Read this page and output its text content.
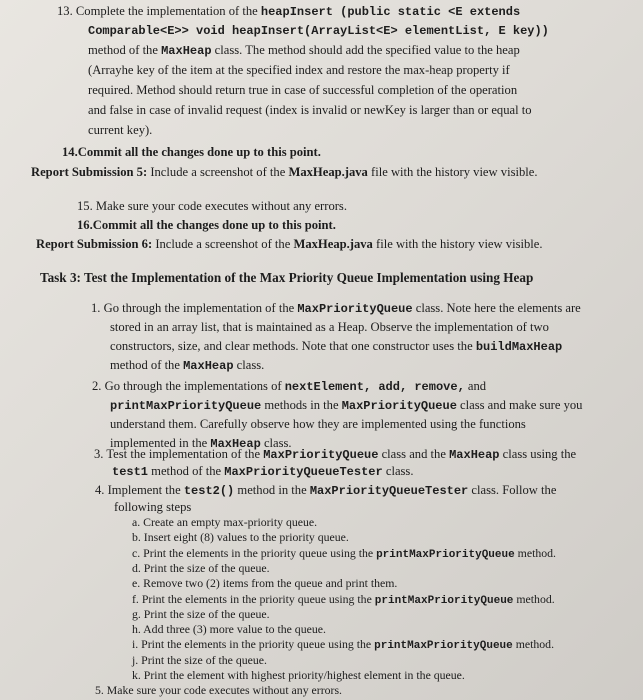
13. Complete the implementation of the heapInsert (public static <E extends
Comparable<E>> void heapInsert(ArrayList<E> elementList, E key))
method of the MaxHeap class. The method should add the specified value to the heap
(Arrayhe key of the item at the specified index and restore the max-heap property if
required. Method should return true in case of successful completion of the operation
and false in case of invalid request (index is invalid or newKey is larger than or equal to
current key).
14.Commit all the changes done up to this point.
Report Submission 5: Include a screenshot of the MaxHeap.java file with the history view visible.
15. Make sure your code executes without any errors.
16.Commit all the changes done up to this point.
Report Submission 6: Include a screenshot of the MaxHeap.java file with the history view visible.
Task 3: Test the Implementation of the Max Priority Queue Implementation using Heap
1. Go through the implementation of the MaxPriorityQueue class. Note here the elements are
stored in an array list, that is maintained as a Heap. Observe the implementation of two
constructors, size, and clear methods. Note that one constructor uses the buildMaxHeap
method of the MaxHeap class.
2. Go through the implementations of nextElement, add, remove, and
printMaxPriorityQueue methods in the MaxPriorityQueue class and make sure you
understand them. Carefully observe how they are implemented using the functions
implemented in the MaxHeap class.
3. Test the implementation of the MaxPriorityQueue class and the MaxHeap class using the
test1 method of the MaxPriorityQueueTester class.
4. Implement the test2() method in the MaxPriorityQueueTester class. Follow the
following steps
a. Create an empty max-priority queue.
b. Insert eight (8) values to the priority queue.
c. Print the elements in the priority queue using the printMaxPriorityQueue method.
d. Print the size of the queue.
e. Remove two (2) items from the queue and print them.
f. Print the elements in the priority queue using the printMaxPriorityQueue method.
g. Print the size of the queue.
h. Add three (3) more value to the queue.
i. Print the elements in the priority queue using the printMaxPriorityQueue method.
j. Print the size of the queue.
k. Print the element with highest priority/highest element in the queue.
5. Make sure your code executes without any errors.
